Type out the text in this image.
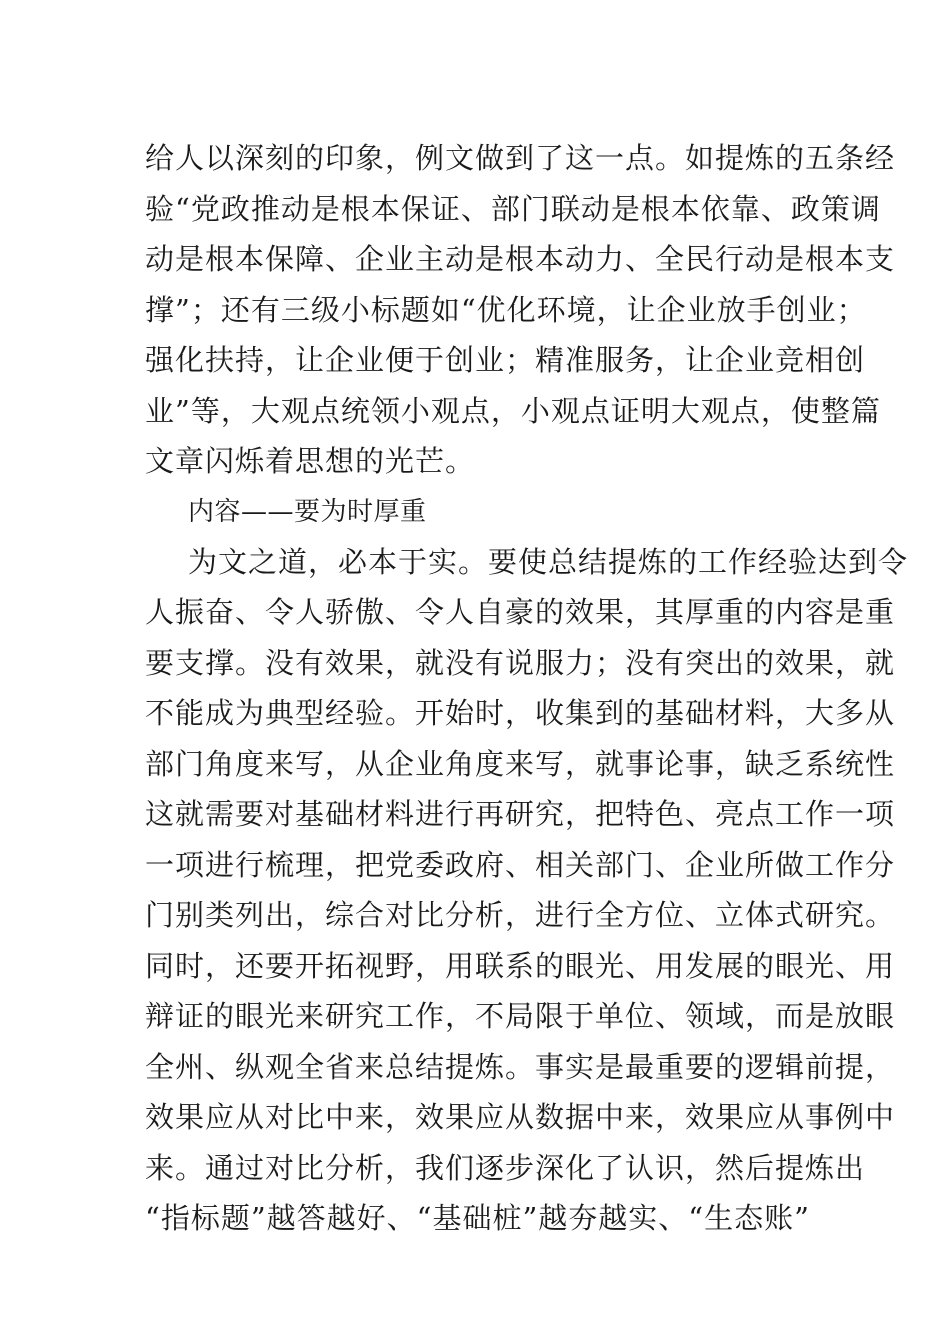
给人以深刻的印象，例文做到了这一点。如提炼的五条经
验“党政推动是根本保证、部门联动是根本依靠、政策调
动是根本保障、企业主动是根本动力、全民行动是根本支
撑”；还有三级小标题如“优化环境，让企业放手创业；
强化扶持，让企业便于创业；精准服务，让企业竞相创
业”等，大观点统领小观点，小观点证明大观点，使整篇
文章闪烁着思想的光芒。
内容——要为时厚重
为文之道，必本于实。要使总结提炼的工作经验达到令
人振奋、令人骄傲、令人自豪的效果，其厚重的内容是重
要支撑。没有效果，就没有说服力；没有突出的效果，就
不能成为典型经验。开始时，收集到的基础材料，大多从
部门角度来写，从企业角度来写，就事论事，缺乏系统性
这就需要对基础材料进行再研究，把特色、亮点工作一项
一项进行梳理，把党委政府、相关部门、企业所做工作分
门别类列出，综合对比分析，进行全方位、立体式研究。
同时，还要开拓视野，用联系的眼光、用发展的眼光、用
辩证的眼光来研究工作，不局限于单位、领域，而是放眼
全州、纵观全省来总结提炼。事实是最重要的逻辑前提，
效果应从对比中来，效果应从数据中来，效果应从事例中
来。通过对比分析，我们逐步深化了认识，然后提炼出
“指标题”越答越好、“基础桩”越夯越实、“生态账”
